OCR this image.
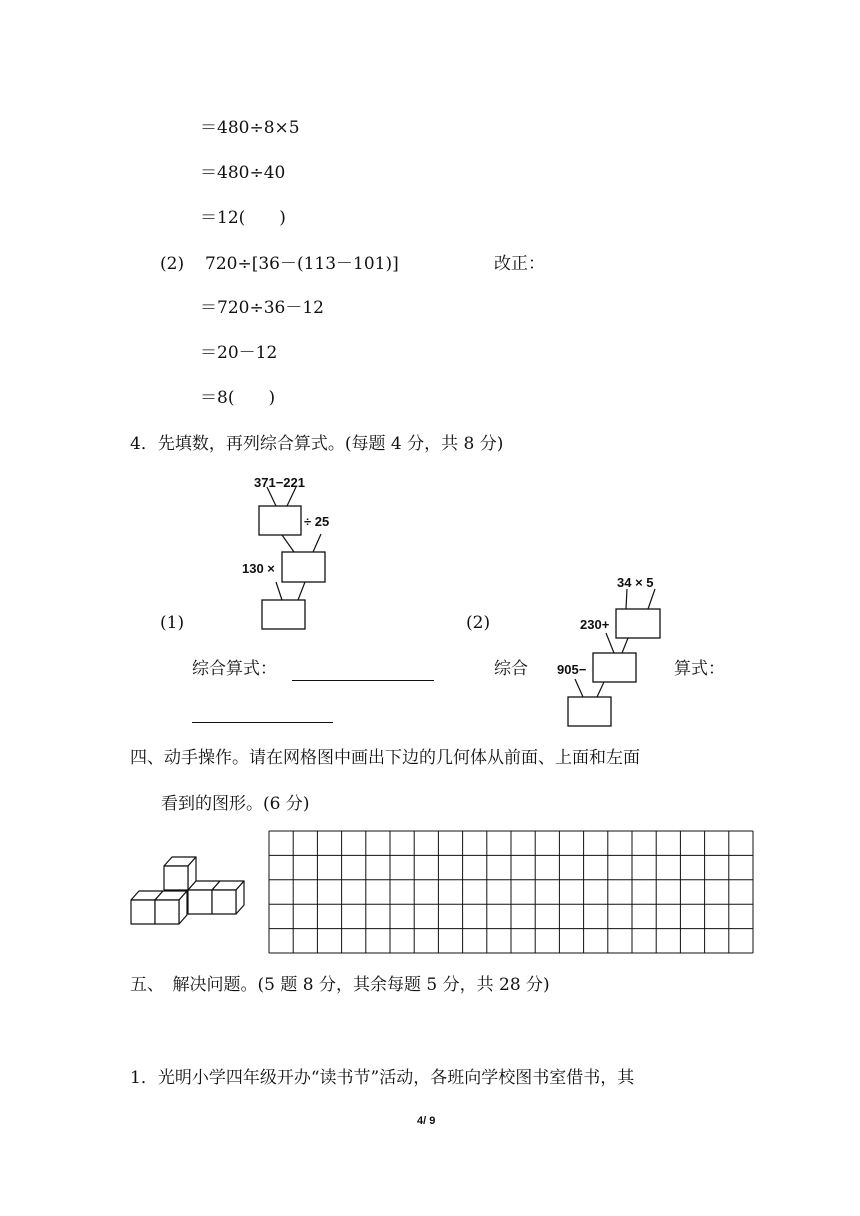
＝480÷8×5
＝480÷40
＝12(　　)
(2) 720÷[36－(113－101)]	改正：
＝720÷36－12
＝20－12
＝8(　　)
4．先填数，再列综合算式。(每题 4 分，共 8 分)
371−221
÷ 25
130 ×
(1)	(2)
34 × 5
230+
905−
综合算式：	综合	算式：
四、动手操作。请在网格图中画出下边的几何体从前面、上面和左面
看到的图形。(6 分)
五、　解决问题。(5 题 8 分，其余每题 5 分，共 28 分)
1．光明小学四年级开办“读书节”活动，各班向学校图书室借书，其
4/ 9
